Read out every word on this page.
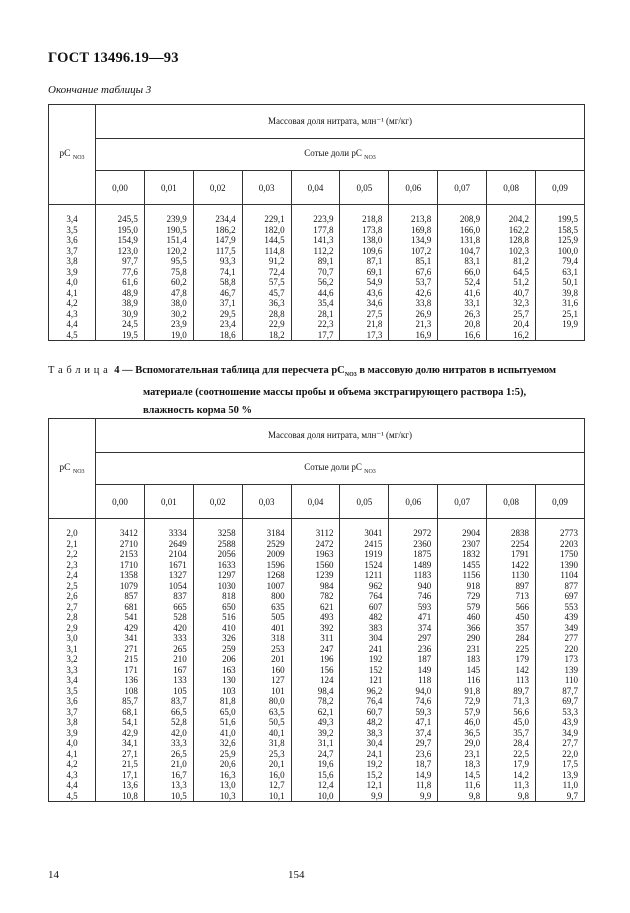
ГОСТ 13496.19—93
Окончание таблицы 3
pC $_{NO3}$	Массовая доля нитрата, млн⁻¹ (мг/кг)									
	Сотые доли pC $_{NO3}$
	0,00	0,01	0,02	0,03	0,04	0,05	0,06	0,07	0,08	0,09
3,4	245,5	239,9	234,4	229,1	223,9	218,8	213,8	208,9	204,2	199,5
3,5	195,0	190,5	186,2	182,0	177,8	173,8	169,8	166,0	162,2	158,5
3,6	154,9	151,4	147,9	144,5	141,3	138,0	134,9	131,8	128,8	125,9
3,7	123,0	120,2	117,5	114,8	112,2	109,6	107,2	104,7	102,3	100,0
3,8	97,7	95,5	93,3	91,2	89,1	87,1	85,1	83,1	81,2	79,4
3,9	77,6	75,8	74,1	72,4	70,7	69,1	67,6	66,0	64,5	63,1
4,0	61,6	60,2	58,8	57,5	56,2	54,9	53,7	52,4	51,2	50,1
4,1	48,9	47,8	46,7	45,7	44,6	43,6	42,6	41,6	40,7	39,8
4,2	38,9	38,0	37,1	36,3	35,4	34,6	33,8	33,1	32,3	31,6
4,3	30,9	30,2	29,5	28,8	28,1	27,5	26,9	26,3	25,7	25,1
4,4	24,5	23,9	23,4	22,9	22,3	21,8	21,3	20,8	20,4	19,9
4,5	19,5	19,0	18,6	18,2	17,7	17,3	16,9	16,6	16,2	
Таблица 4 — Вспомогательная таблица для пересчета $pC_{NO3}$ в массовую долю нитратов в испытуемом
материале (соотношение массы пробы и объема экстрагирующего раствора 1:5),
влажность корма 50 %
pC $_{NO3}$	Массовая доля нитрата, млн⁻¹ (мг/кг)									
	Сотые доли pC $_{NO3}$
	0,00	0,01	0,02	0,03	0,04	0,05	0,06	0,07	0,08	0,09
2,0	3412	3334	3258	3184	3112	3041	2972	2904	2838	2773
2,1	2710	2649	2588	2529	2472	2415	2360	2307	2254	2203
2,2	2153	2104	2056	2009	1963	1919	1875	1832	1791	1750
2,3	1710	1671	1633	1596	1560	1524	1489	1455	1422	1390
2,4	1358	1327	1297	1268	1239	1211	1183	1156	1130	1104
2,5	1079	1054	1030	1007	984	962	940	918	897	877
2,6	857	837	818	800	782	764	746	729	713	697
2,7	681	665	650	635	621	607	593	579	566	553
2,8	541	528	516	505	493	482	471	460	450	439
2,9	429	420	410	401	392	383	374	366	357	349
3,0	341	333	326	318	311	304	297	290	284	277
3,1	271	265	259	253	247	241	236	231	225	220
3,2	215	210	206	201	196	192	187	183	179	173
3,3	171	167	163	160	156	152	149	145	142	139
3,4	136	133	130	127	124	121	118	116	113	110
3,5	108	105	103	101	98,4	96,2	94,0	91,8	89,7	87,7
3,6	85,7	83,7	81,8	80,0	78,2	76,4	74,6	72,9	71,3	69,7
3,7	68,1	66,5	65,0	63,5	62,1	60,7	59,3	57,9	56,6	53,3
3,8	54,1	52,8	51,6	50,5	49,3	48,2	47,1	46,0	45,0	43,9
3,9	42,9	42,0	41,0	40,1	39,2	38,3	37,4	36,5	35,7	34,9
4,0	34,1	33,3	32,6	31,8	31,1	30,4	29,7	29,0	28,4	27,7
4,1	27,1	26,5	25,9	25,3	24,7	24,1	23,6	23,1	22,5	22,0
4,2	21,5	21,0	20,6	20,1	19,6	19,2	18,7	18,3	17,9	17,5
4,3	17,1	16,7	16,3	16,0	15,6	15,2	14,9	14,5	14,2	13,9
4,4	13,6	13,3	13,0	12,7	12,4	12,1	11,8	11,6	11,3	11,0
4,5	10,8	10,5	10,3	10,1	10,0	9,9	9,9	9,8	9,8	9,7
14	154
